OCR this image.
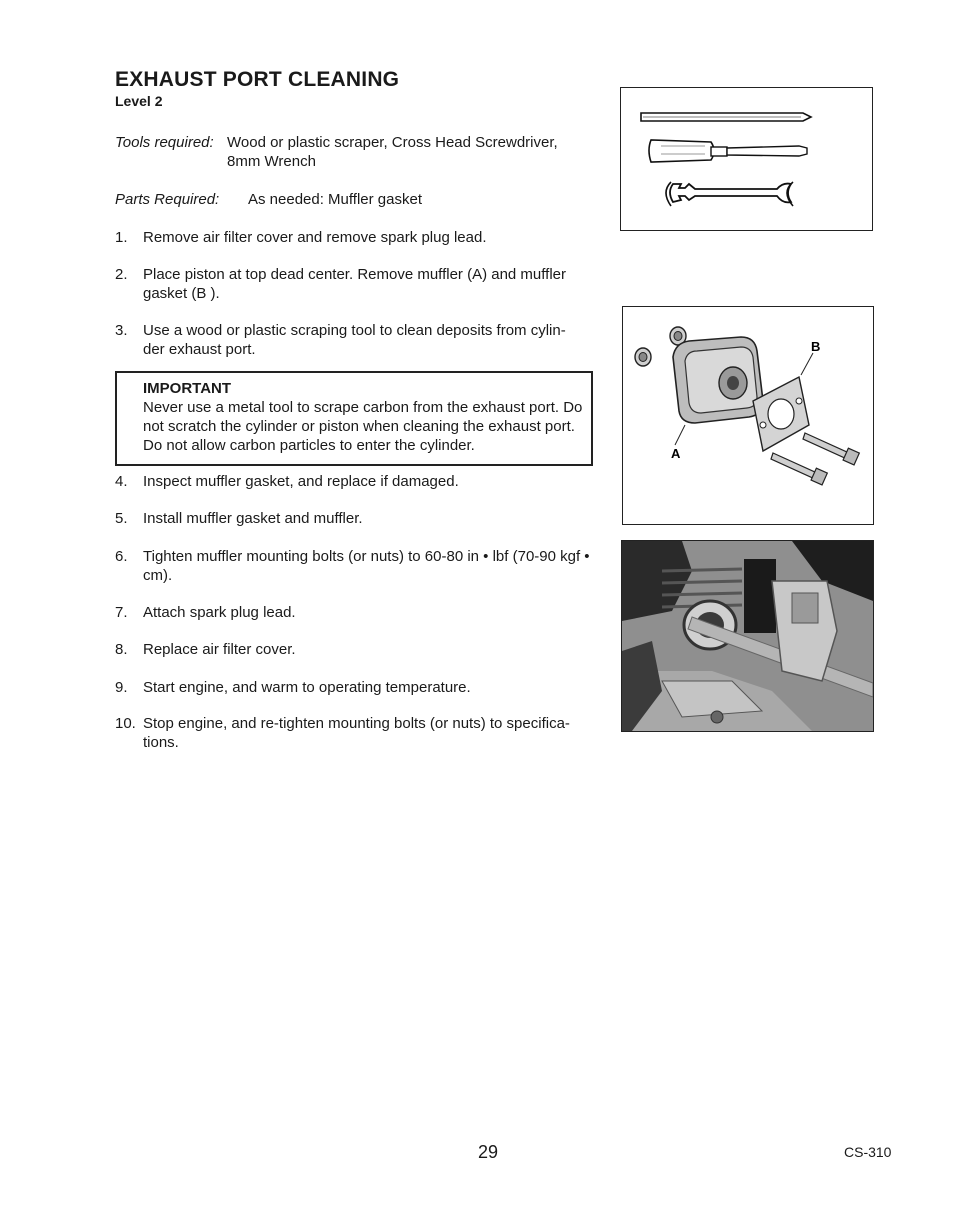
EXHAUST PORT CLEANING
Level 2
Tools required: Wood or plastic scraper, Cross Head Screwdriver,
8mm Wrench
Parts Required: As needed: Muffler gasket
1. Remove air filter cover and remove spark plug lead.
2. Place piston at top dead center. Remove muffler (A) and muffler gasket (B ).
3. Use a wood or plastic scraping tool to clean deposits from cylin- der exhaust port.
IMPORTANT
Never use a metal tool to scrape carbon from the exhaust port. Do not scratch the cylinder or piston when cleaning the exhaust port. Do not allow carbon particles to enter the cylinder.
4. Inspect muffler gasket, and replace if damaged.
5. Install muffler gasket and muffler.
6. Tighten muffler mounting bolts (or nuts) to 60-80 in • lbf (70-90 kgf • cm).
7. Attach spark plug lead.
8. Replace air filter cover.
9. Start engine, and warm to operating temperature.
10. Stop engine, and re-tighten mounting bolts (or nuts) to specifica- tions.
A
B
29	CS-310
